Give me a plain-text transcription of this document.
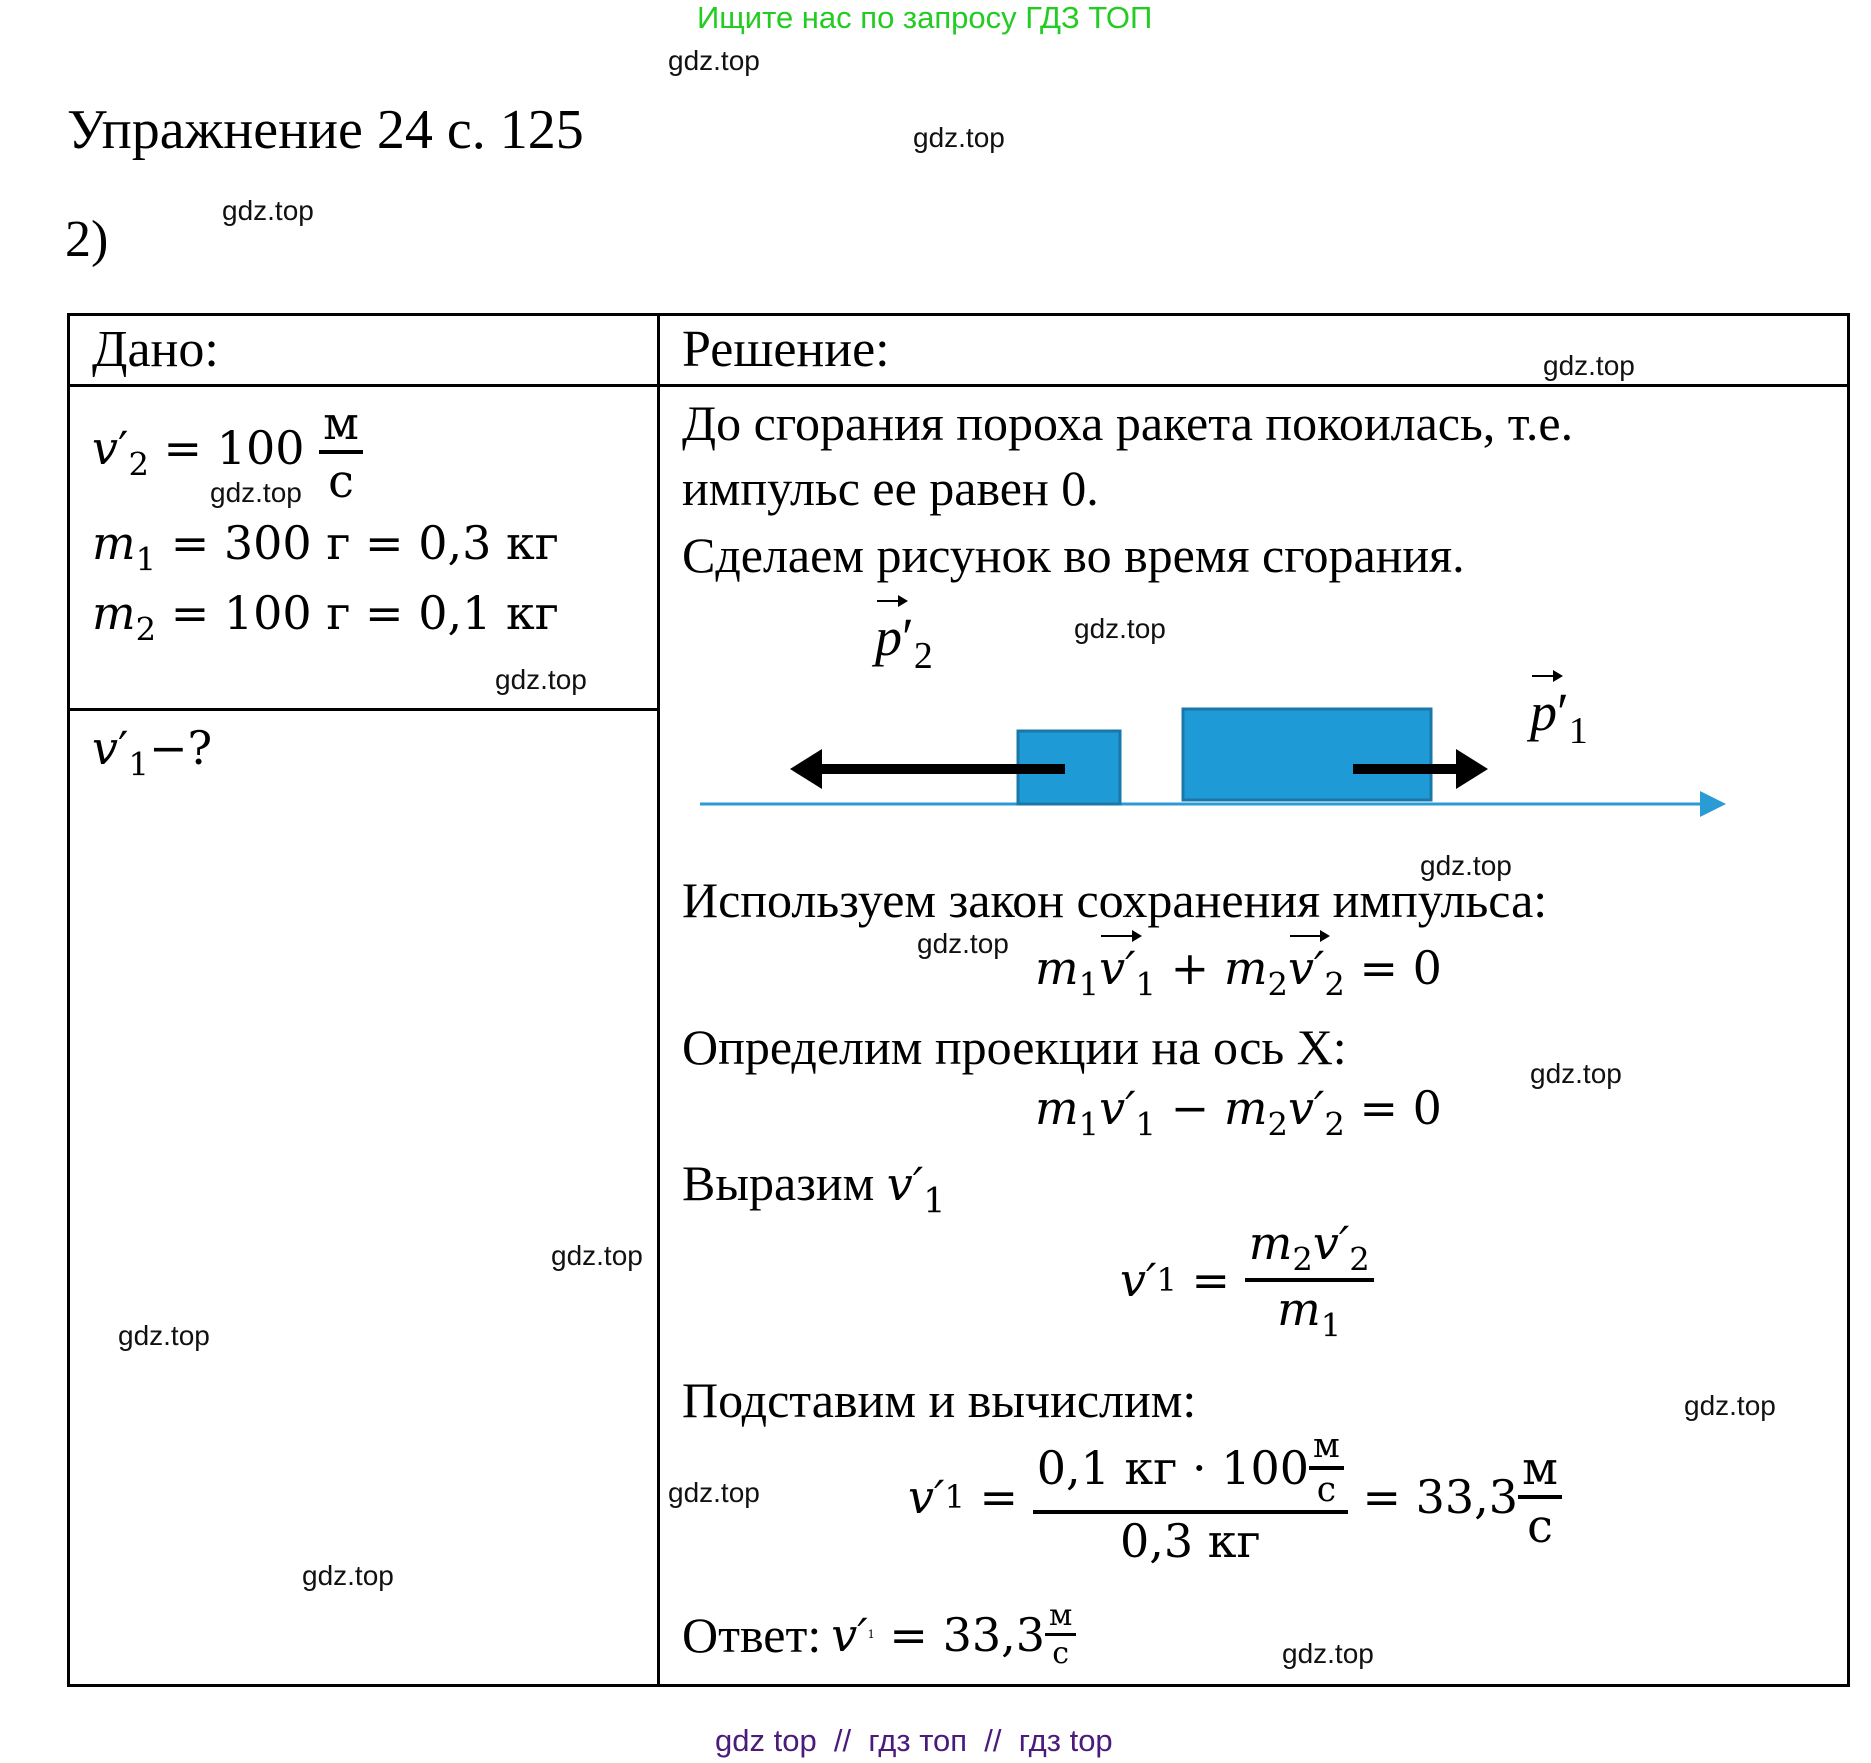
Ищите нас по запросу ГДЗ ТОП
Упражнение 24 с. 125
2)
Дано:	Решение:
$v'_2 = 100 \frac{м}{с}$
$m_1 = 300$ г = 0,3 кг
$m_2 = 100$ г = 0,1 кг
$v'_1-$?
До сгорания пороха ракета покоилась, т.е.
импульс ее равен 0.
Сделаем рисунок во время сгорания.
$p'_2$
$p'_1$
Используем закон сохранения импульса:
$m_1v'_1 + m_2v'_2 = 0$
Определим проекции на ось X:
$m_1v'_1 - m_2v'_2 = 0$
Выразим $v'_1$
v′ $1 = \frac{m_2v'_2}{m_1}$
Подставим и вычислим:
v′ $1 = \frac{0,1 кг \cdot 100 \frac{м}{с}}{0,3 кг} = 33,3 \frac{м}{с}$
Ответ: v′ $1 = 33,3 \frac{м}{с}$
gdz.top
gdz.top
gdz.top
gdz.top
gdz.top
gdz.top
gdz.top
gdz.top
gdz.top
gdz.top
gdz.top
gdz.top
gdz.top
gdz.top
gdz.top
gdz.top
gdz top  //  гдз топ  //  гдз top
